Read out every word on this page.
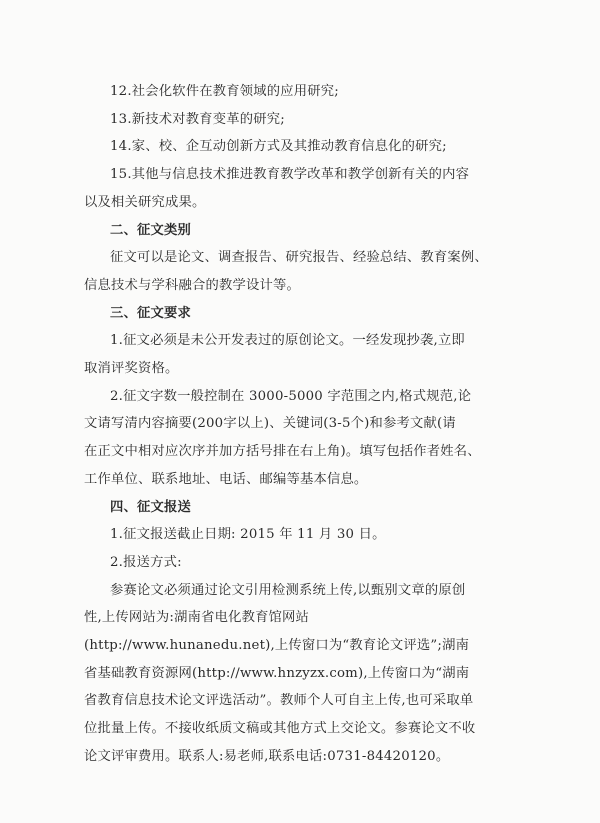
12.社会化软件在教育领域的应用研究;

13.新技术对教育变革的研究;

14.家、校、企互动创新方式及其推动教育信息化的研究;

15.其他与信息技术推进教育教学改革和教学创新有关的内容

以及相关研究成果。

二、征文类别

征文可以是论文、调查报告、研究报告、经验总结、教育案例、

信息技术与学科融合的教学设计等。

三、征文要求

1.征文必须是未公开发表过的原创论文。一经发现抄袭,立即

取消评奖资格。

2.征文字数一般控制在 3000-5000 字范围之内,格式规范,论

文请写清内容摘要(200字以上)、关键词(3-5个)和参考文献(请

在正文中相对应次序并加方括号排在右上角)。填写包括作者姓名、

工作单位、联系地址、电话、邮编等基本信息。

四、征文报送

1.征文报送截止日期: 2015 年 11 月 30 日。

2.报送方式:

参赛论文必须通过论文引用检测系统上传,以甄别文章的原创

性,上传网站为:湖南省电化教育馆网站

(http://www.hunanedu.net),上传窗口为“教育论文评选”;湖南

省基础教育资源网(http://www.hnzyzx.com),上传窗口为“湖南

省教育信息技术论文评选活动”。教师个人可自主上传,也可采取单

位批量上传。不接收纸质文稿或其他方式上交论文。参赛论文不收

论文评审费用。联系人:易老师,联系电话:0731-84420120。
